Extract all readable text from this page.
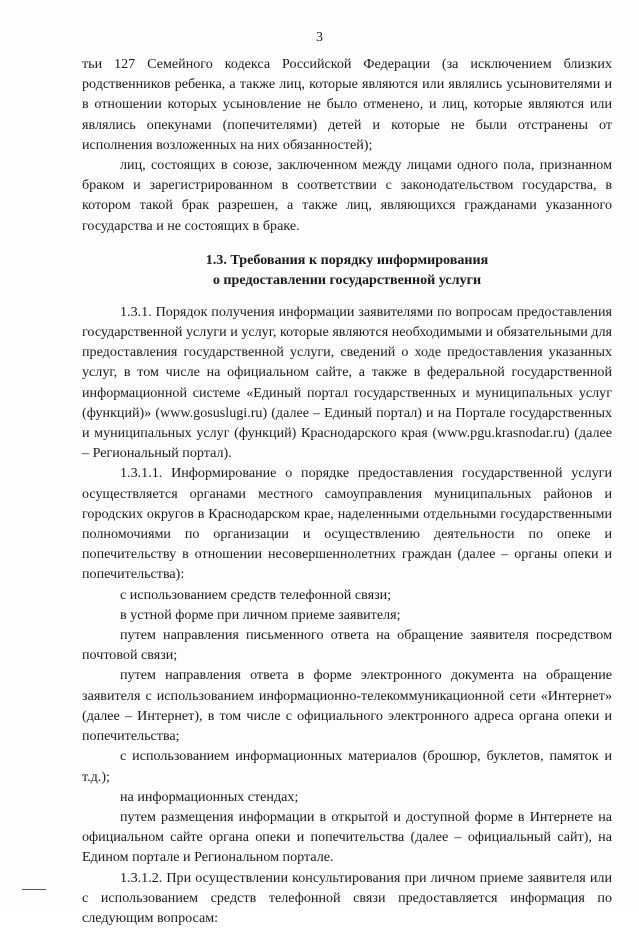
3

тьи 127 Семейного кодекса Российской Федерации (за исключением близких родственников ребенка, а также лиц, которые являются или являлись усыновителями и в отношении которых усыновление не было отменено, и лиц, которые являются или являлись опекунами (попечителями) детей и которые не были отстранены от исполнения возложенных на них обязанностей);

лиц, состоящих в союзе, заключенном между лицами одного пола, признанном браком и зарегистрированном в соответствии с законодательством государства, в котором такой брак разрешен, а также лиц, являющихся гражданами указанного государства и не состоящих в браке.

1.3. Требования к порядку информирования
о предоставлении государственной услуги

1.3.1. Порядок получения информации заявителями по вопросам предоставления государственной услуги и услуг, которые являются необходимыми и обязательными для предоставления государственной услуги, сведений о ходе предоставления указанных услуг, в том числе на официальном сайте, а также в федеральной государственной информационной системе «Единый портал государственных и муниципальных услуг (функций)» (www.gosuslugi.ru) (далее – Единый портал) и на Портале государственных и муниципальных услуг (функций) Краснодарского края (www.pgu.krasnodar.ru) (далее – Региональный портал).

1.3.1.1. Информирование о порядке предоставления государственной услуги осуществляется органами местного самоуправления муниципальных районов и городских округов в Краснодарском крае, наделенными отдельными государственными полномочиями по организации и осуществлению деятельности по опеке и попечительству в отношении несовершеннолетних граждан (далее – органы опеки и попечительства):

с использованием средств телефонной связи;

в устной форме при личном приеме заявителя;

путем направления письменного ответа на обращение заявителя посредством почтовой связи;

путем направления ответа в форме электронного документа на обращение заявителя с использованием информационно-телекоммуникационной сети «Интернет» (далее – Интернет), в том числе с официального электронного адреса органа опеки и попечительства;

с использованием информационных материалов (брошюр, буклетов, памяток и т.д.);

на информационных стендах;

путем размещения информации в открытой и доступной форме в Интернете на официальном сайте органа опеки и попечительства (далее – официальный сайт), на Едином портале и Региональном портале.

1.3.1.2. При осуществлении консультирования при личном приеме заявителя или с использованием средств телефонной связи предоставляется информация по следующим вопросам:
